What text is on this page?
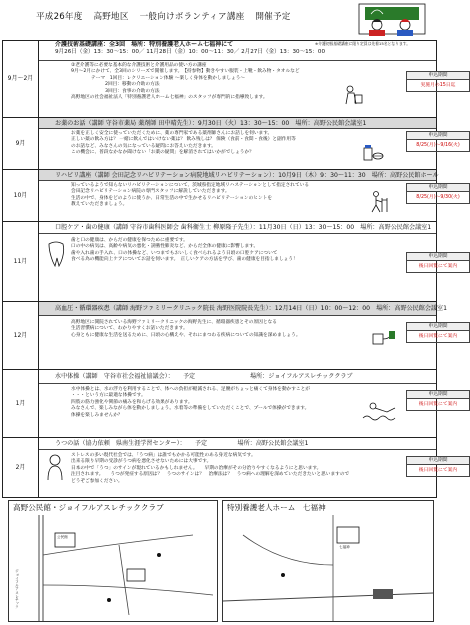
平成26年度 高野地区 一般向けボランティア講座 開催予定
9月～2月
介護技術基礎講座：全3回　場所：特別養護老人ホーム七福神にて	※介護初級基礎講座に限り定員は先着15名となります。
9月26日（金）13：30～15：00／ 11月28日（金）10：00～11：30／ 2月27日（金）13：30～15：00
②老介護等に必要な基本的な介護技術と介護用品の使い方の講座
9月～2月にかけて、全3回のシリーズで開催します。　【持参物】動きやすい服装・上靴・飲み物・タオルなど
テーマ　1回目：レクリエーション体験 ～楽しく身体を動かしましょう～
2回目：移動の介助の方法
3回目：食事の介助の方法
高野地区の社会福祉法人「特別養護老人ホーム七福神」のスタッフが専門的に指導致します。
申込期間
実施月の15日迄
9月
お薬のお話（講師 守谷市薬局 薬剤師 田中晴先生）：9月30日（火）13：30～15：00　場所：高野公民館会議室1
お薬を正しく安全に使っていただくために、薬の専門家である薬剤師さんにお話しを伺います。
正しい薬の飲み方は？ 一緒に飲んではいけない薬は？ 飲み残しは？ 保険（食前・食間・食後）と副作用等
のお話など、みなさんの気になっている疑問にお答えいただきます。
この機会に、普段なかなか聞けない「お薬の疑問」を解消されてはいかがでしょうか？
申込期間
8/25(月)～9/16(火)
10月
リハビリ講座（講師 会田記念リハビリテーション病院地域リハビリテーション）：10月9日（木）9：30～11：30　場所：高野公民館ホール
知っているようで知らないリハビリテーションについて、茨城県指定地域リハステーションとして指定されている
会田記念リハビリテーション病院の専門スタッフに解説していただきます。
生活の中で、身体をどのように使うか、日常生活の中で生かせるリハビリテーションのヒントを
教えていただきましょう。
申込期間
8/25(月)～9/30(火)
11月
口腔ケア・歯の健康（講師 守谷市歯科医師会 歯科衛生士 柳原隆子先生）：11月30日（日）13：30～15：00　場所：高野公民館会議室1
歯と口の健康は、からだの健康を保つために重要です。
口の中の病気は、高齢や病気の悪化・誤嚥性肺炎など、からだ全体の健康に影響します。
歯や入れ歯の手入れ、口の体操など、いつまでもおいしく食べられるよう日頃の口腔ケアについて
食べる為の機能向上ケアについてお話を伺います。　正しいケアの方法を学び、歯の健康を目指しましょう！
申込期間
後日回覧にて案内
12月
高血圧・循環器疾患（講師 海野ファミリークリニック院長 海野医院院長先生）：12月14日（日）10：00～12：00　場所：高野公民館会議室1
高野地区に開院されている海野ファミリークリニックの海野先生に、循環器疾患とその原因となる
生活習慣病について、わかりやすくお話いただきます。
心身ともに健康な生活を送るために、日頃の心構えや、それにまつわる疾病についての知識を深めましょう。
申込期間
後日回覧にて案内
1月
水中体操（講師　守谷市社会福祉協議会）：　　予定　　　　　　　　　場所：ジョイフルアスレチッククラブ
水中体操とは、水の浮力を利用することで、体への負担が軽減される、足腰がちょっと痛くて身体を動かすことが
・・・という方に最適な体操です。
四肢の筋力強化や関節の痛みを和らげる効果があります。
みなさんで、楽しみながら体を動かしましょう。水着等の準備をしていただくことで、プールで体操ができます。
体操を楽しみませんか？
申込期間
後日回覧にて案内
2月
うつの話（協力依頼　県南生涯学習センター）：　　予定　　　　　場所：高野公民館会議室1
ストレスの多い現代社会では、「うつ病」は誰でもかかる可能性のある身近な病気です。
出来る限り早期の受診がうつ病を悪化させないためには大事です。
日本の中で「うつ」のサインが現れているかもしれません。　　早期の治療がその分治りやすくなるようにと思います。
注目されます。　　うつが発症する原因は？　うつのサインは？　治療法は？　うつ病への理解を深めていただきたいと思いますので
どうぞご参加ください。
申込期間
後日回覧にて案内
高野公民館・ジョイフルアスレチッククラブ
公民館
ジョイフルアスレチック
特別養護老人ホーム　七福神
七福神
